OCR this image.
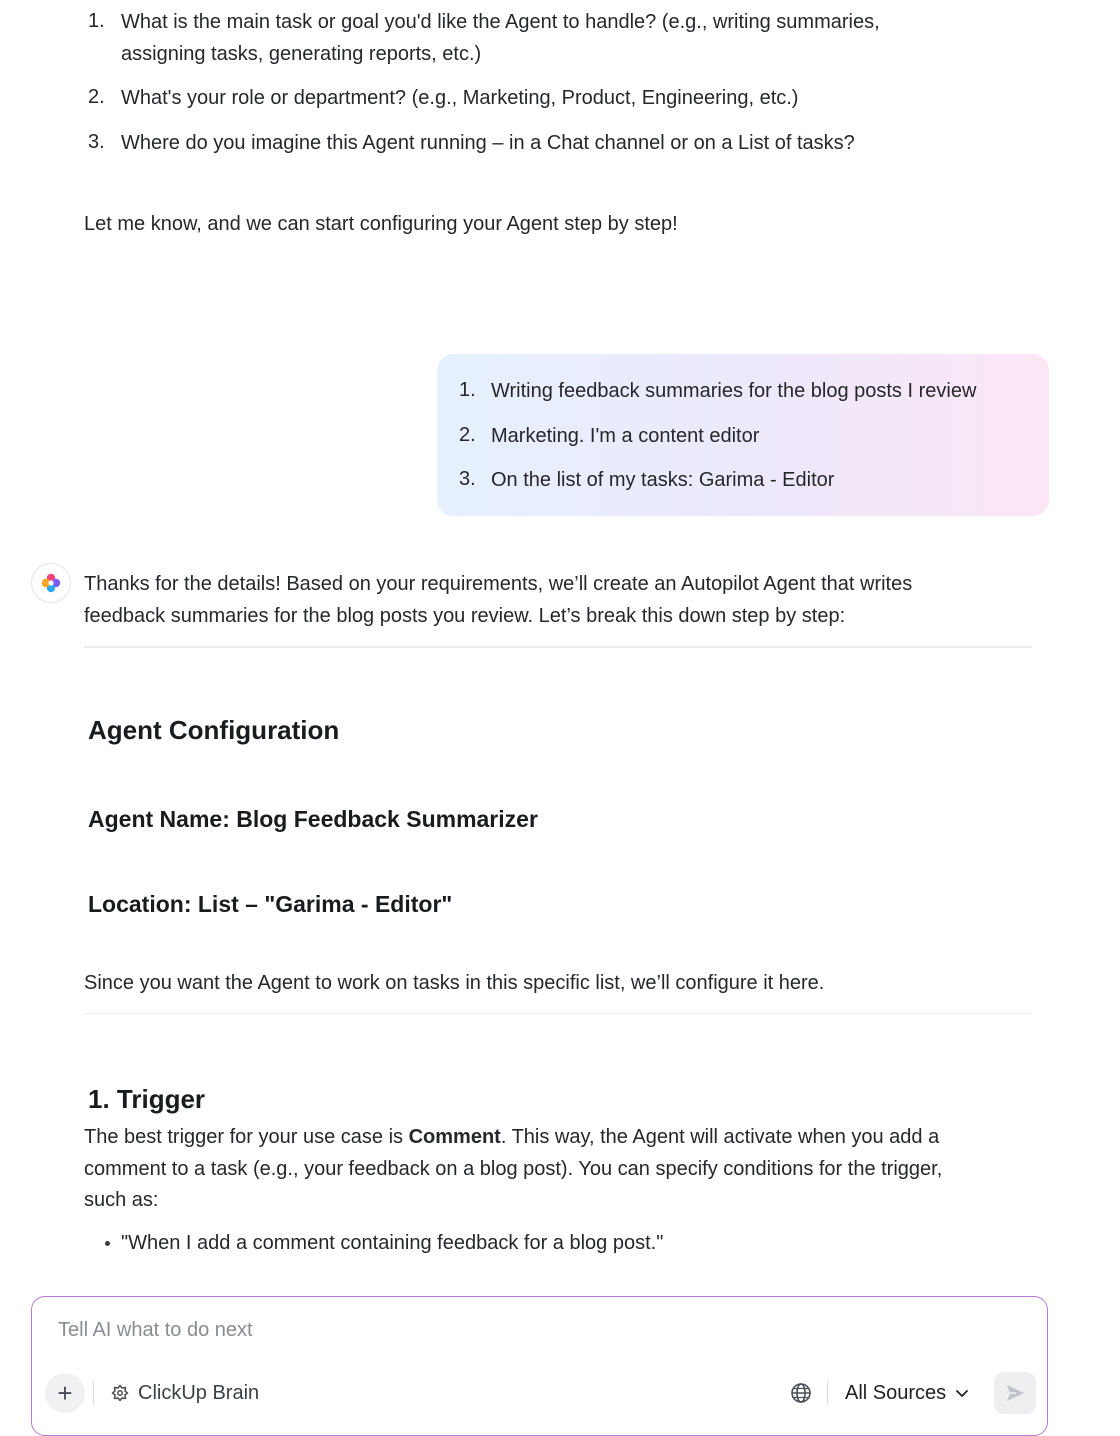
1. What is the main task or goal you'd like the Agent to handle? (e.g., writing summaries,
assigning tasks, generating reports, etc.)
2. What's your role or department? (e.g., Marketing, Product, Engineering, etc.)
3. Where do you imagine this Agent running – in a Chat channel or on a List of tasks?
Let me know, and we can start configuring your Agent step by step!
1. Writing feedback summaries for the blog posts I review
2. Marketing. I'm a content editor
3. On the list of my tasks: Garima - Editor
Thanks for the details! Based on your requirements, we’ll create an Autopilot Agent that writes
feedback summaries for the blog posts you review. Let’s break this down step by step:
Agent Configuration
Agent Name: Blog Feedback Summarizer
Location: List – "Garima - Editor"
Since you want the Agent to work on tasks in this specific list, we’ll configure it here.
1. Trigger
The best trigger for your use case is Comment. This way, the Agent will activate when you add a
comment to a task (e.g., your feedback on a blog post). You can specify conditions for the trigger,
such as:
"When I add a comment containing feedback for a blog post."
Tell AI what to do next
+	ClickUp Brain	All Sources
